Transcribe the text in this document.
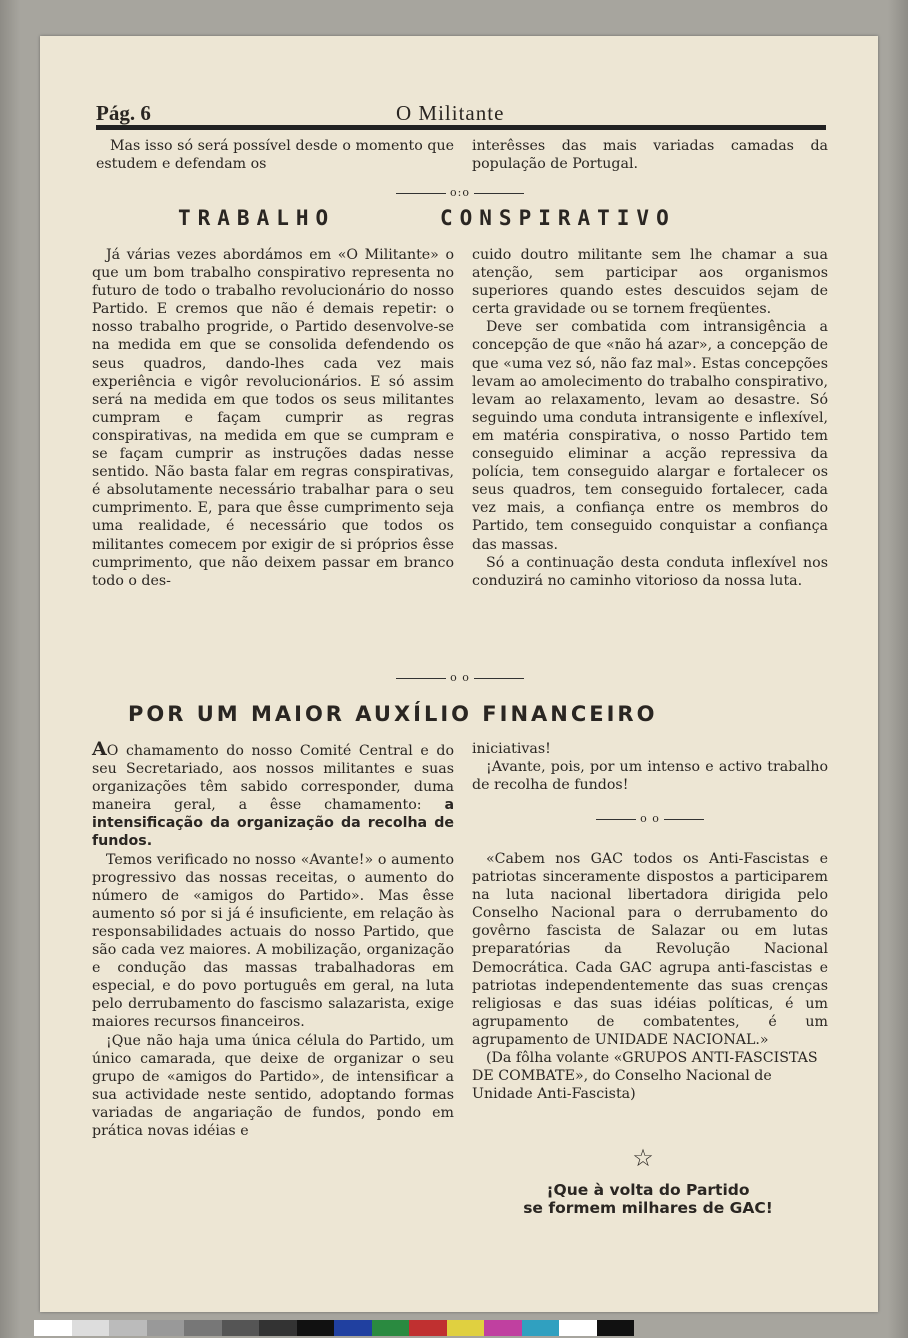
Pág. 6	O Militante

Mas isso só será possível desde o momento que estudem e defendam os

interêsses das mais variadas camadas da população de Portugal.

o:o
TRABALHO	CONSPIRATIVO

Já várias vezes abordámos em «O Militante» o que um bom trabalho conspirativo representa no futuro de todo o trabalho revolucionário do nosso Partido. E cremos que não é demais repetir: o nosso trabalho progride, o Partido desenvolve-se na medida em que se consolida defendendo os seus quadros, dando-lhes cada vez mais experiência e vigôr revolucionários. E só assim será na medida em que todos os seus militantes cumpram e façam cumprir as regras conspirativas, na medida em que se cumpram e se façam cumprir as instruções dadas nesse sentido. Não basta falar em regras conspirativas, é absolutamente necessário trabalhar para o seu cumprimento. E, para que êsse cumprimento seja uma realidade, é necessário que todos os militantes comecem por exigir de si próprios êsse cumprimento, que não deixem passar em branco todo o des-

cuido doutro militante sem lhe chamar a sua atenção, sem participar aos organismos superiores quando estes descuidos sejam de certa gravidade ou se tornem freqüentes.

Deve ser combatida com intransigência a concepção de que «não há azar», a concepção de que «uma vez só, não faz mal». Estas concepções levam ao amolecimento do trabalho conspirativo, levam ao relaxamento, levam ao desastre. Só seguindo uma conduta intransigente e inflexível, em matéria conspirativa, o nosso Partido tem conseguido eliminar a acção repressiva da polícia, tem conseguido alargar e fortalecer os seus quadros, tem conseguido fortalecer, cada vez mais, a confiança entre os membros do Partido, tem conseguido conquistar a confiança das massas.

Só a continuação desta conduta inflexível nos conduzirá no caminho vitorioso da nossa luta.

o o
POR UM MAIOR AUXÍLIO FINANCEIRO

AO chamamento do nosso Comité Central e do seu Secretariado, aos nossos militantes e suas organizações têm sabido corresponder, duma maneira geral, a êsse chamamento: a intensificação da organização da recolha de fundos.

Temos verificado no nosso «Avante!» o aumento progressivo das nossas receitas, o aumento do número de «amigos do Partido». Mas êsse aumento só por si já é insuficiente, em relação às responsabilidades actuais do nosso Partido, que são cada vez maiores. A mobilização, organização e condução das massas trabalhadoras em especial, e do povo português em geral, na luta pelo derrubamento do fascismo salazarista, exige maiores recursos financeiros.

¡Que não haja uma única célula do Partido, um único camarada, que deixe de organizar o seu grupo de «amigos do Partido», de intensificar a sua actividade neste sentido, adoptando formas variadas de angariação de fundos, pondo em prática novas idéias e

iniciativas!

¡Avante, pois, por um intenso e activo trabalho de recolha de fundos!

o o

«Cabem nos GAC todos os Anti-Fascistas e patriotas sinceramente dispostos a participarem na luta nacional libertadora dirigida pelo Conselho Nacional para o derrubamento do govêrno fascista de Salazar ou em lutas preparatórias da Revolução Nacional Democrática. Cada GAC agrupa anti-fascistas e patriotas independentemente das suas crenças religiosas e das suas idéias políticas, é um agrupamento de combatentes, é um agrupamento de UNIDADE NACIONAL.»

(Da fôlha volante «GRUPOS ANTI-FASCISTAS DE COMBATE», do Conselho Nacional de Unidade Anti-Fascista)

☆
¡Que à volta do Partido
se formem milhares de GAC!
